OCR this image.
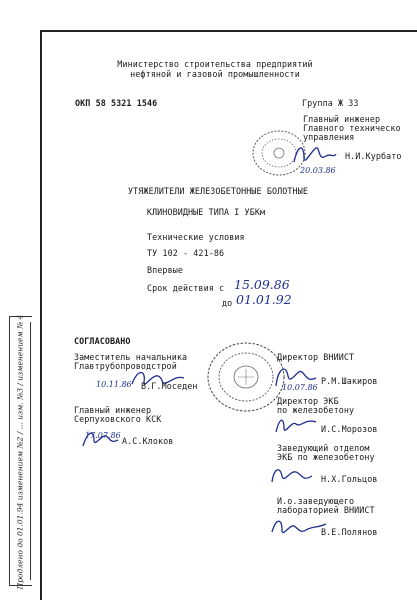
Продлено до 01.01.94 изменением №2 / ... изм. №3 / изменением № 4
Министерство строительства предприятий
нефтяной и газовой промышленности
ОКП 58 5321 1546	Группа Ж 33
Главный инженер
Главного техническо
управления
Н.И.Курбато
20.03.86
УТЯЖЕЛИТЕЛИ ЖЕЛЕЗОБЕТОННЫЕ БОЛОТНЫЕ
КЛИНОВИДНЫЕ ТИПА I УБКм
Технические условия
ТУ 102 - 421-86
Впервые
Срок действия с 15.09.86
до 01.01.92
СОГЛАСОВАНО
Заместитель начальника
Главтрубопроводстрой
10.11.86 В.Г.Моседен
Главный инженер
Серпуховского КСК
17.07.86
А.С.Клоков
Директор ВНИИСТ
Р.М.Шакиров
10.07.86
Директор ЭКБ
по железобетону
И.С.Морозов
Заведующий отделом
ЭКБ по железобетону
Н.Х.Гольцов
И.о.заведующего
лабораторией ВНИИСТ
В.Е.Полянов
